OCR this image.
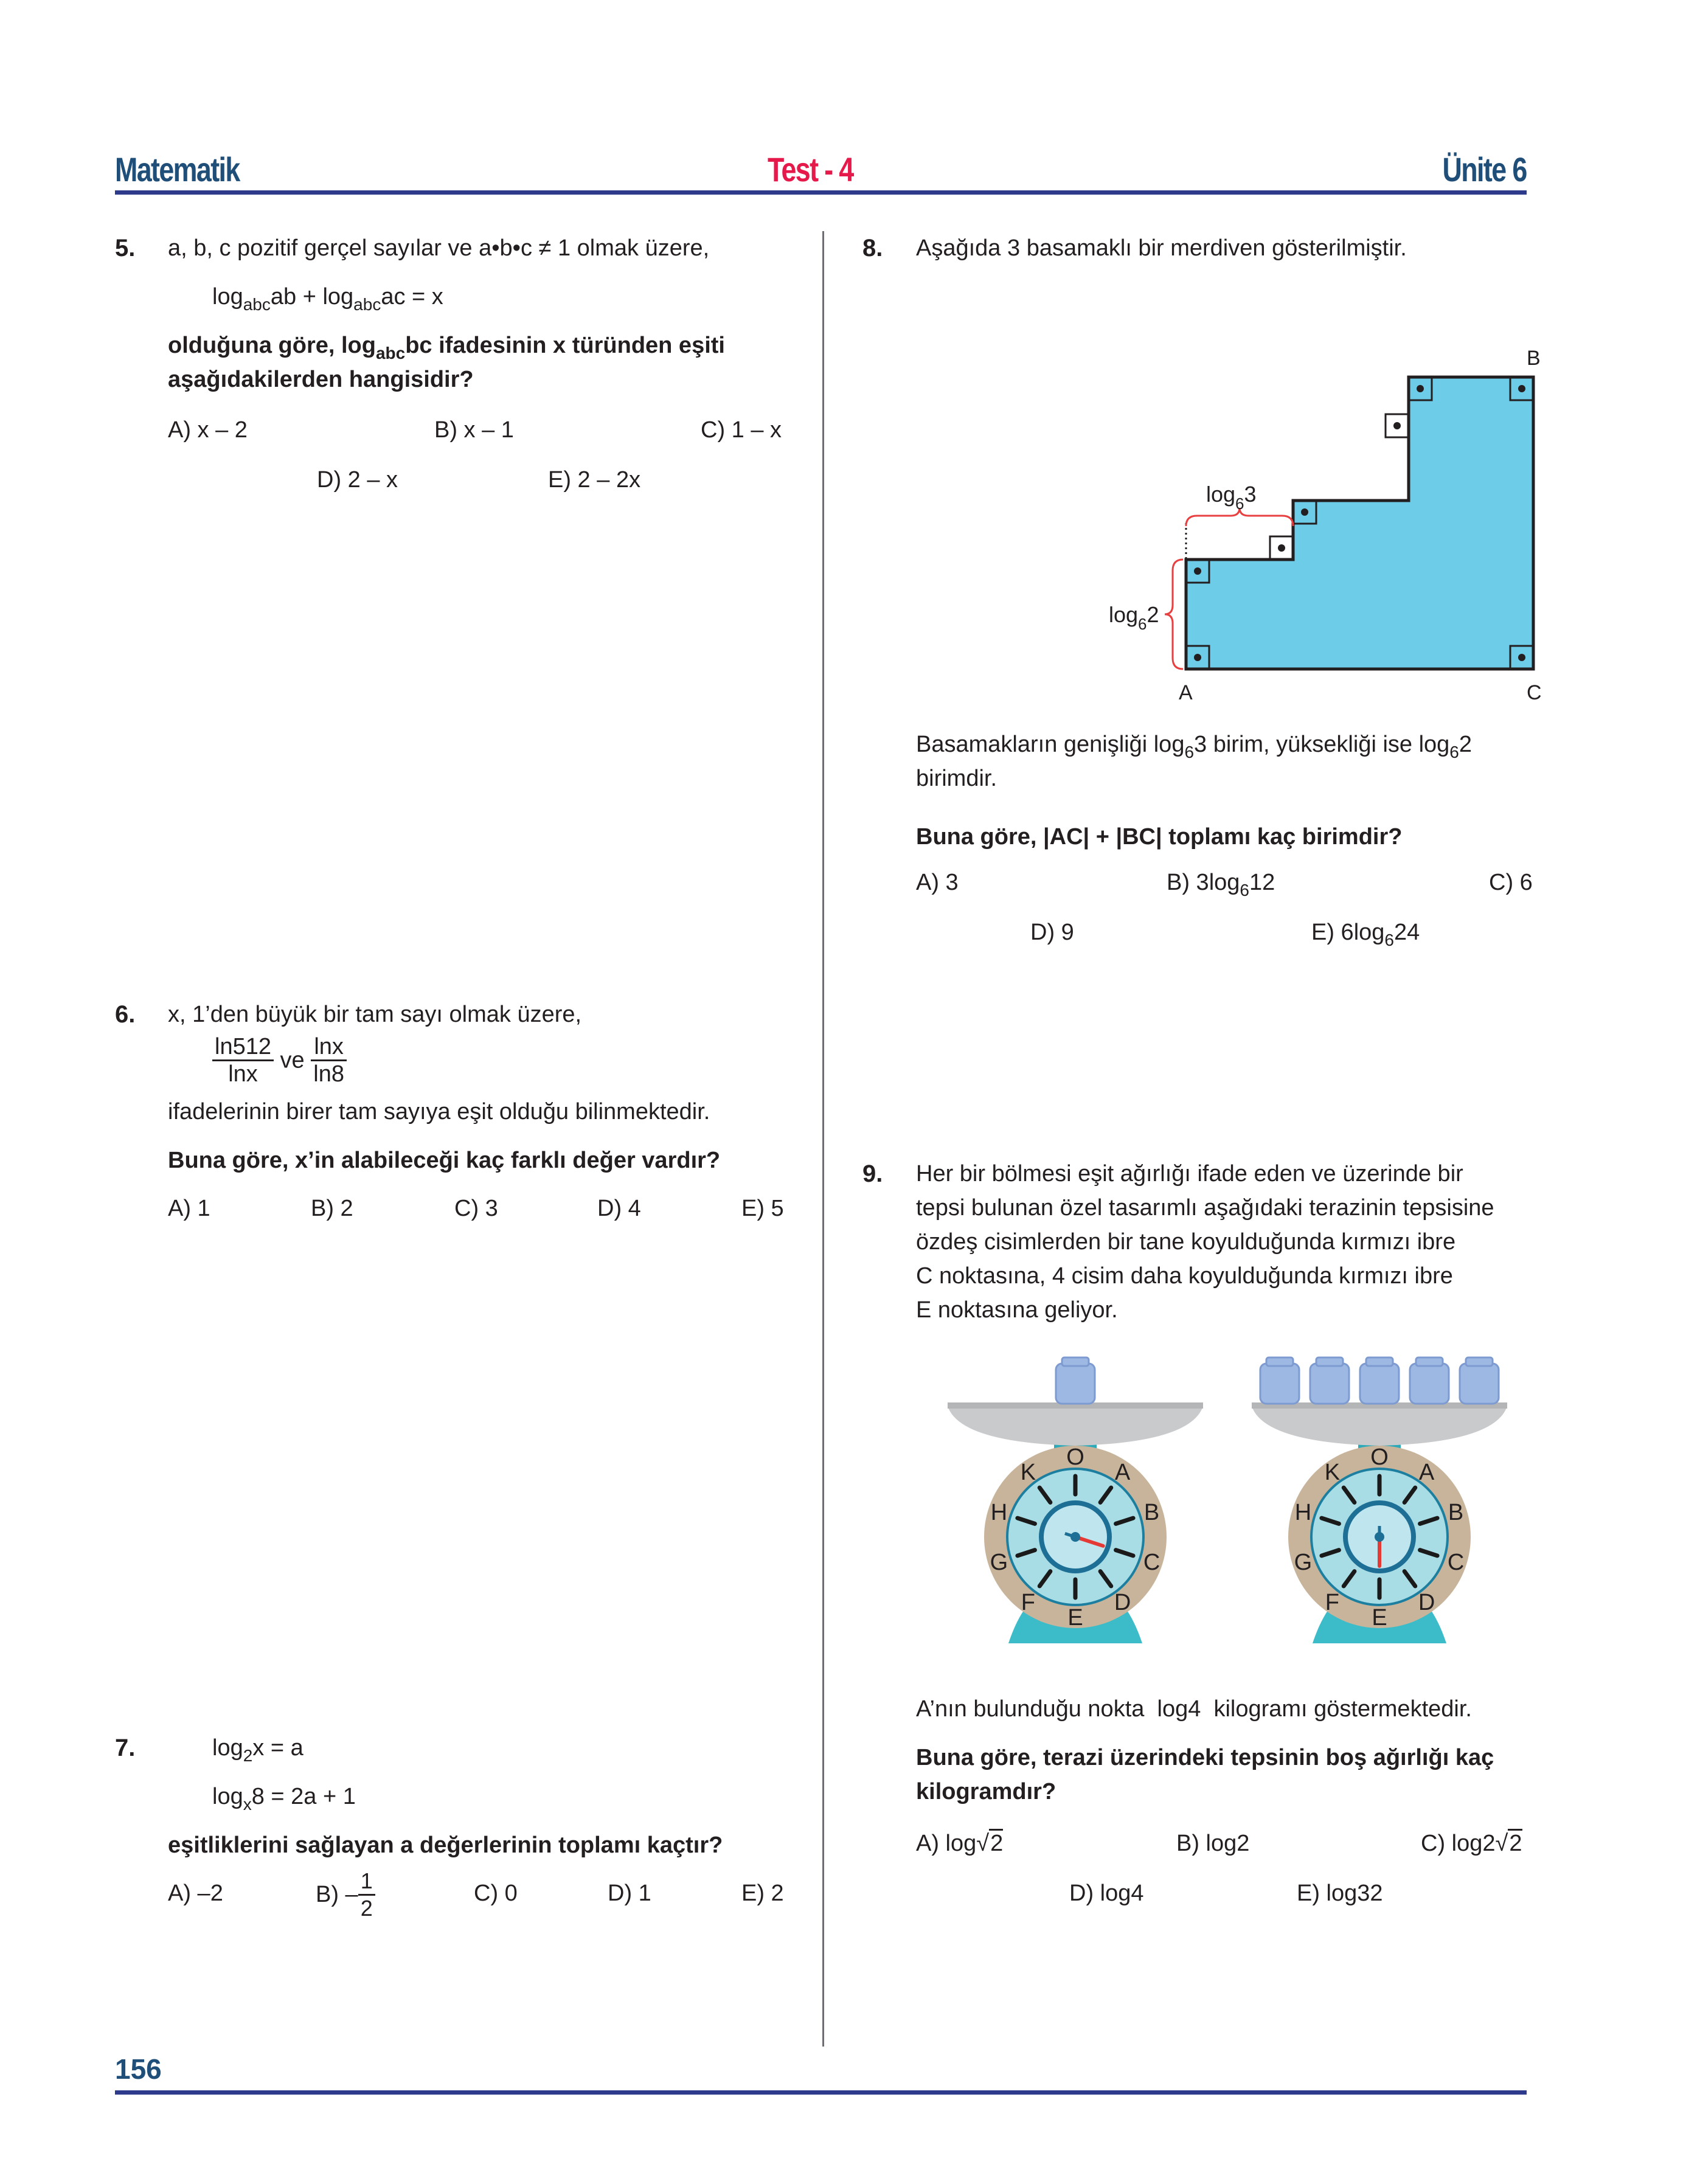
Matematik	Test - 4	Ünite 6
5. a, b, c pozitif gerçel sayılar ve a•b•c ≠ 1 olmak üzere,
$\log_{abc}ab + \log_{abc}ac = x$
olduğuna göre, $\log_{abc}bc$ ifadesinin x türünden eşiti
aşağıdakilerden hangisidir?
A) x – 2	B) x – 1	C) 1 – x
D) 2 – x	E) 2 – 2x
6. x, 1’den büyük bir tam sayı olmak üzere,
$\frac{\ln 512}{\ln x}$ ve $\frac{\ln x}{\ln 8}$
ifadelerinin birer tam sayıya eşit olduğu bilinmektedir.
Buna göre, x’in alabileceği kaç farklı değer vardır?
A) 1	B) 2	C) 3	D) 4	E) 5
7.	$\log_2x = a$
$\log_x8 = 2a + 1$
eşitliklerini sağlayan a değerlerinin toplamı kaçtır?
A) –2	$B) - \frac{1}{2}$	C) 0	D) 1	E) 2
8. Aşağıda 3 basamaklı bir merdiven gösterilmiştir.
$\log_63$
$\log_62$
A
B
C
Basamakların genişliği $\log_63$ birim, yüksekliği ise $\log_62$
birimdir.
Buna göre, |AC| + |BC| toplamı kaç birimdir?
A) 3	B) $3\log_612$	C) 6
D) 9	E) $6\log_624$
9. Her bir bölmesi eşit ağırlığı ifade eden ve üzerinde bir
tepsi bulunan özel tasarımlı aşağıdaki terazinin tepsisine
özdeş cisimlerden bir tane koyulduğunda kırmızı ibre
C noktasına, 4 cisim daha koyulduğunda kırmızı ibre
E noktasına geliyor.
O
A
B
C
D
E
F
G
H
K
O
A
B
C
D
E
F
G
H
K
A’nın bulunduğu nokta  log4  kilogramı göstermektedir.
Buna göre, terazi üzerindeki tepsinin boş ağırlığı kaç
kilogramdır?
A) log√2	B) log2	C) log2√2
D) log4	E) log32
156
